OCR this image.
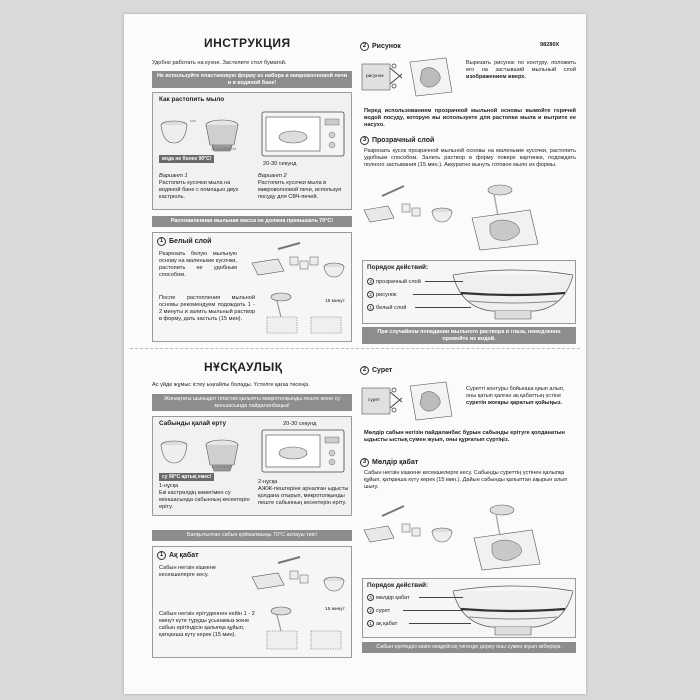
ИНСТРУКЦИЯ
Удобно работать на кухне. Застелите стол бумагой.
Не используйте пластиковую форму из набора в микроволновой печи и в водяной бане!
Как растопить мыло
1-2 минуты
вода не более 90°C!
20-30 секунд
Вариант 1
Растопить кусочки мыла на водяной бане с помощью двух кастрюль.
Вариант 2
Растопить кусочки мыла в микроволновой печи, используя посуду для СВЧ-печей.
Расплавленная мыльная масса не должна превышать 70°С!
1 Белый слой
Разрезать белую мыльную основу на маленькие кусочки, растопить ее удобным способом.
После растопления мыльной основы рекомендуем подождать 1 - 2 минуты и залить мыльный раствор в форму, дать застыть (15 мин).
15 минут
2 Рисунок	98280X
рисунок
Вырезать рисунок по контуру, положить его на застывший мыльный слой изображением вверх.
Перед использованием прозрачной мыльной основы вымойте горячей водой посуду, которую вы используете для растопки мыла и вытрите ее насухо.
3 Прозрачный слой
Разрезать кусок прозрачной мыльной основы на маленькие кусочки, растопить удобным способом. Залить раствор в форму поверх картинки, подождать полного застывания (15 мин.). Аккуратно вынуть готовое мыло из формы.
Порядок действий:
3 прозрачный слой
2 рисунок
1 белый слой
При случайном попадании мыльного раствора в глаза, немедленно промойте их водой.
НҰСҚАУЛЫҚ
Ас үйде жұмыс істеу ыңғайлы болады. Үстелге қағаз төсеңіз.
Жинақтағы шыныдит пластик қалыпты микротолқынды пеште және су моншасында пайдаланбаңыз!
Сабынды қалай ерту
1-2 минут
су 90°С артық емес!
20-30 секунд
1-нұсқа
Екі кастрөлдің көмегімен су моншасында сабынның кесектерін еріту.
2-нұсқа
АЖЖ-пештеріне арналған ыдысты қолдана отырып, микротолқынды пеште сабынның кесектерін еріту.
Балқытылған сабын қоймалжыңы 70°С аспауы тиіс!
1 Ақ қабат
Сабын негізін кішкене кесекшелерге кесу.
Сабын негізін ерітуденнен кейін 1 - 2 минут күте тұруды ұсынамыз және сабын ерітіндісін қалыпқа құйып, қатқанша күту керек (15 мин).
15 минут
2 Сурет
сурет
Суретті контуры бойынша қиып алып, оны қатып қалған ақ қабаттың үстіне суретін жоғары қаратып қойыңыз.
Мөлдір сабын негізін пайдаланбас бұрын сабынды ерітуге қолданатын ыдысты ыстық сумен жуып, оны құрғатып сүртіңіз.
3 Мөлдір қабат
Сабын негізін кішкене кесекшелерге кесу. Сабынды суреттің үстінен қалыпқа құйып, қатқанша күту керек (15 мин.). Дайын сабынды қалыптан ақырын алып шығу.
Порядок действий:
3 мөлдір қабат
2 сурет
1 ақ қабат
Сабын ерітіндісі көзге кездейсоқ тигенде дереу оны сумен жуып жіберіңіз.
